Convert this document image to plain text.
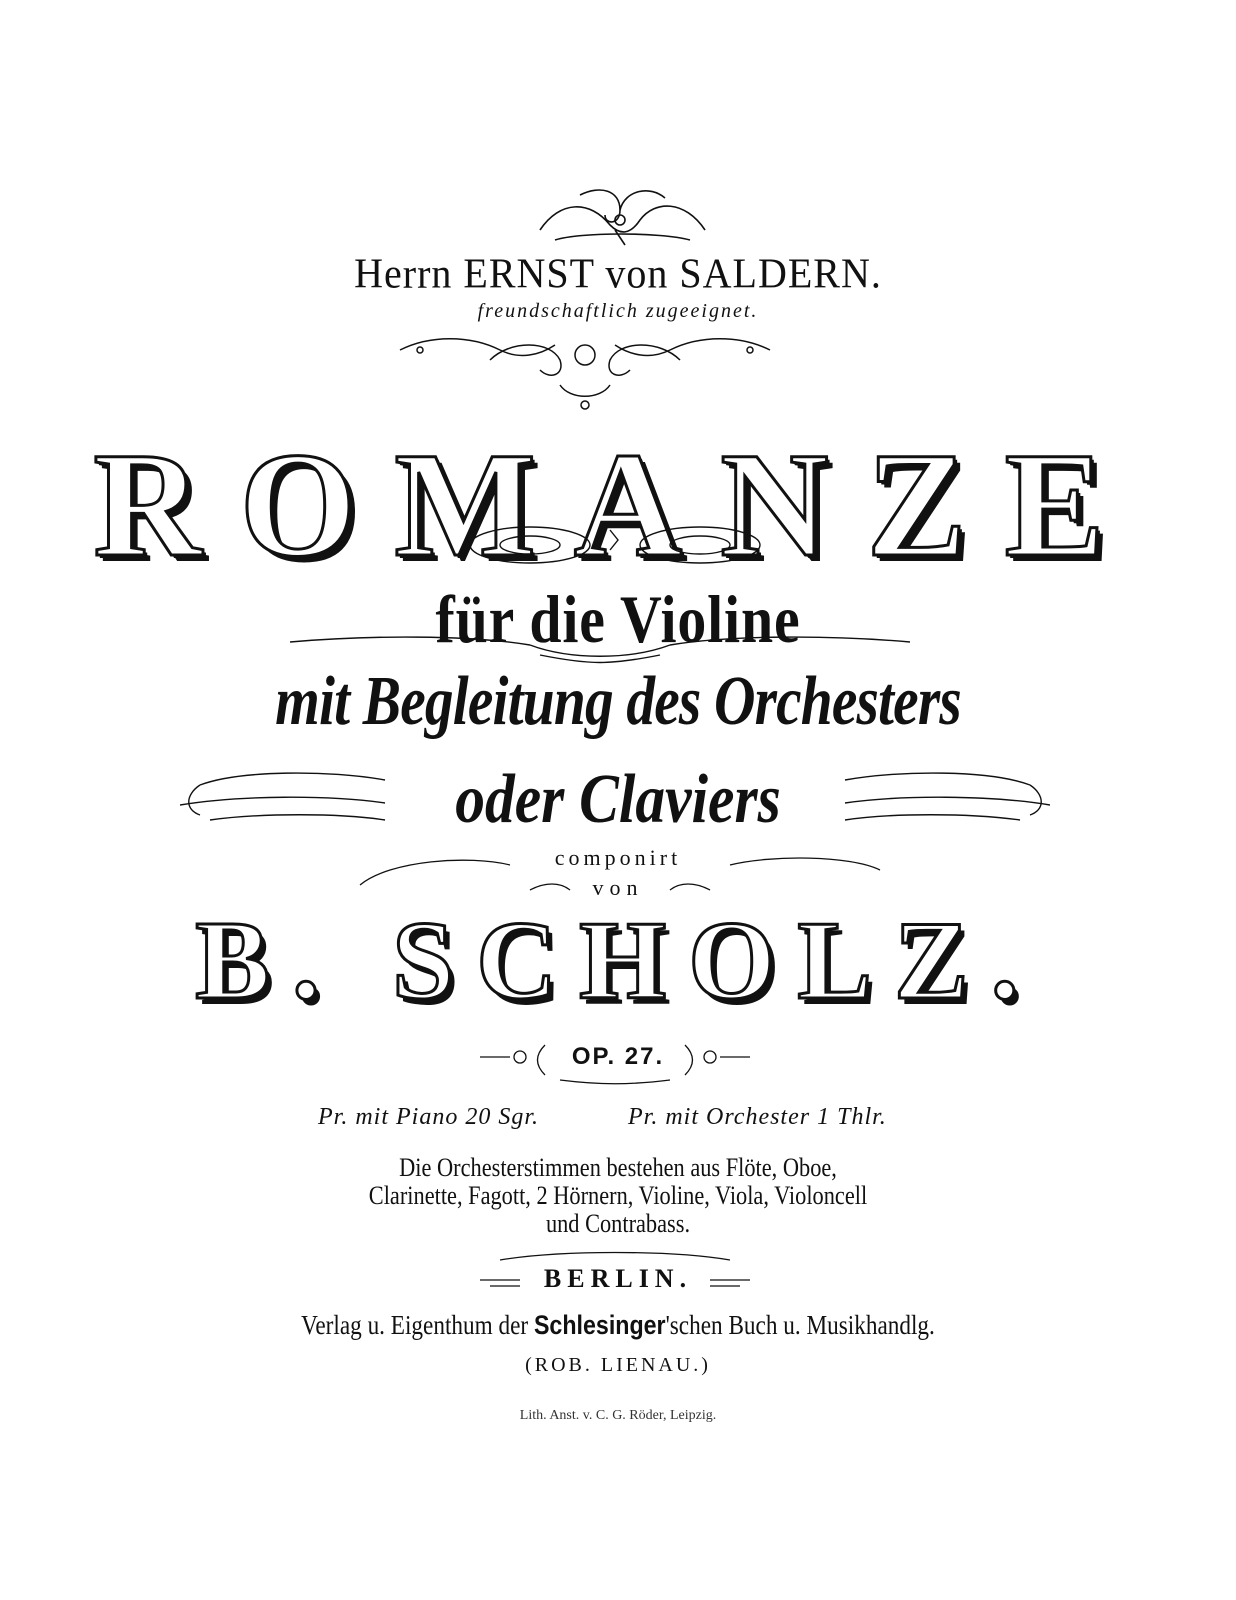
Herrn ERNST von SALDERN.
freundschaftlich zugeeignet.
ROMANZE
für die Violine
mit Begleitung des Orchesters
oder Claviers
componirt
von
B. SCHOLZ.
OP. 27.
Pr. mit Piano 20 Sgr.	Pr. mit Orchester 1 Thlr.
Die Orchesterstimmen bestehen aus Flöte, Oboe,
Clarinette, Fagott, 2 Hörnern, Violine, Viola, Violoncell
und Contrabass.
BERLIN.
Verlag u. Eigenthum der Schlesinger'schen Buch u. Musikhandlg.
(ROB. LIENAU.)
Lith. Anst. v. C. G. Röder, Leipzig.
